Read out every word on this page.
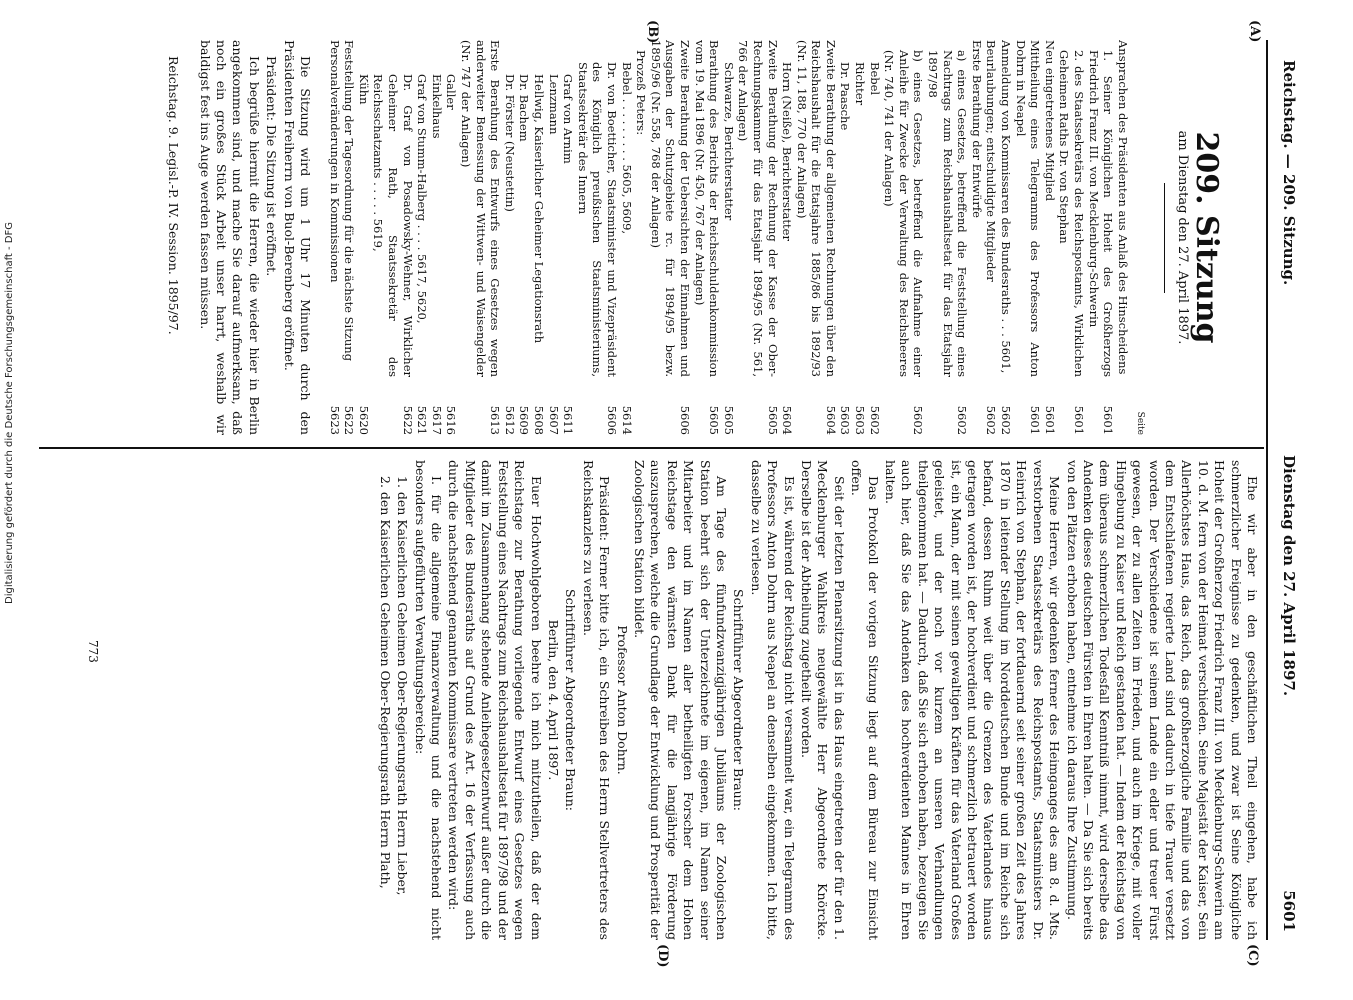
Reichstag. — 209. Sitzung.
Dienstag den 27. April 1897.
5601
(A)
(B)
(C)
(D)
209. Sitzung
am Dienstag den 27. April 1897.
Seite
Ansprachen des Präsidenten aus Anlaß des Hinscheidens
1. Seiner Königlichen Hoheit des Großherzogs Friedrich Franz III. von Mecklenburg-Schwerin
5601
2. des Staatssekretärs des Reichspostamts, Wirklichen Geheimen Raths Dr. von Stephan
5601
Neu eingetretenes Mitglied
5601
Mittheilung eines Telegramms des Professors Anton Dohrn in Neapel
5601
Anmeldung von Kommissaren des Bundesraths . . . 5601,
5602
Beurlaubungen; entschuldigte Mitglieder
5602
Erste Berathung der Entwürfe
a) eines Gesetzes, betreffend die Feststellung eines Nachtrags zum Reichshaushaltsetat für das Etatsjahr 1897/98
5602
b) eines Gesetzes, betreffend die Aufnahme einer Anleihe für Zwecke der Verwaltung des Reichsheeres (Nr. 740, 741 der Anlagen)
5602
Bebel
5602
Richter
5603
Dr. Paasche
5603
Zweite Berathung der allgemeinen Rechnungen über den Reichshaushalt für die Etatsjahre 1885/86 bis 1892/93 (Nr. 11, 188, 770 der Anlagen)
5604
Horn (Neiße), Berichterstatter
5604
Zweite Berathung der Rechnung der Kasse der Ober-Rechnungskammer für das Etatsjahr 1894/95 (Nr. 561, 766 der Anlagen)
5605
Schwarze, Berichterstatter
5605
Berathung des Berichts der Reichsschuldenkommission vom 19. Mai 1896 (Nr. 450, 767 der Anlagen)
5605
Zweite Berathung der Uebersichten der Einnahmen und Ausgaben der Schutzgebiete rc. für 1894/95 bezw. 1895/96 (Nr. 558, 768 der Anlagen)
5606
Prozeß Peters:
Bebel . . . . . . . . . 5605, 5609,
5614
Dr. von Boetticher, Staatsminister und Vizepräsident des Königlich preußischen Staatsministeriums, Staatssekretär des Innern
5606
Graf von Arnim
5611
Lenzmann
5607
Hellwig, Kaiserlicher Geheimer Legationsrath
5608
Dr. Bachem
5609
Dr. Förster (Neustettin)
5612
Erste Berathung des Entwurfs eines Gesetzes wegen anderweiter Bemessung der Wittwen- und Waisengelder (Nr. 747 der Anlagen)
5613
Galler
5616
Einkelhaus
5617
Graf von Stumm-Halberg . . . . 5617, 5620,
5621
Dr. Graf von Posadowsky-Wehner, Wirklicher Geheimer Rath, Staatssekretär des Reichsschatzamts . . . . . 5619,
5622
Kühn
5620
Feststellung der Tagesordnung für die nächste Sitzung
5622
Personalveränderungen in Kommissionen
5623

Die Sitzung wird um 1 Uhr 17 Minuten durch den Präsidenten Freiherrn von Buol-Berenberg eröffnet.

Präsident: Die Sitzung ist eröffnet.

Ich begrüße hiermit die Herren, die wieder hier in Berlin angekommen sind, und mache Sie darauf aufmerksam, daß noch ein großes Stück Arbeit unser harrt, weshalb wir baldigst fest ins Auge werden fassen müssen.

Reichstag. 9. Legisl.-P. IV. Session. 1895/97.

Ehe wir aber in den geschäftlichen Theil eingehen, habe ich schmerzlicher Ereignisse zu gedenken, und zwar ist Seine Königliche Hoheit der Großherzog Friedrich Franz III. von Mecklenburg-Schwerin am 10. d. M. fern von der Heimat verschieden. Seine Majestät der Kaiser, Sein Allerhöchstes Haus, das Reich, das großherzogliche Familie und das von dem Entschlafenen regierte Land sind dadurch in tiefe Trauer versetzt worden. Der Verschiedene ist seinem Lande ein edler und treuer Fürst gewesen, der zu allen Zeiten im Frieden, und auch im Kriege, mit voller Hingebung zu Kaiser und Reich gestanden hat. — Indem der Reichstag von dem überaus schmerzlichen Todesfall Kenntniß nimmt, wird derselbe das Andenken dieses deutschen Fürsten in Ehren halten. — Da Sie sich bereits von den Plätzen erhoben haben, entnehme ich daraus Ihre Zustimmung.

Meine Herren, wir gedenken ferner des Heimganges des am 8. d. Mts. verstorbenen Staatssekretärs des Reichspostamts, Staatsministers Dr. Heinrich von Stephan, der fortdauernd seit seiner großen Zeit des Jahres 1870 in leitender Stellung im Norddeutschen Bunde und im Reiche sich befand, dessen Ruhm weit über die Grenzen des Vaterlandes hinaus getragen worden ist, der hochverdient und schmerzlich betrauert worden ist, ein Mann, der mit seinen gewaltigen Kräften für das Vaterland Großes geleistet, und der noch vor kurzem an unseren Verhandlungen theilgenommen hat. — Dadurch, daß Sie sich erhoben haben, bezeugen Sie auch hier, daß Sie das Andenken des hochverdienten Mannes in Ehren halten.

Das Protokoll der vorigen Sitzung liegt auf dem Büreau zur Einsicht offen.

Seit der letzten Plenarsitzung ist in das Haus eingetreten der für den 1. Mecklenburger Wahlkreis neugewählte Herr Abgeordnete Knörcke. Derselbe ist der Abtheilung zugetheilt worden.

Es ist, während der Reichstag nicht versammelt war, ein Telegramm des Professors Anton Dohrn aus Neapel an denselben eingekommen. Ich bitte, dasselbe zu verlesen.

Schriftführer Abgeordneter Braun:

Am Tage des fünfundzwanzigjährigen Jubiläums der Zoologischen Station beehrt sich der Unterzeichnete im eigenen, im Namen seiner Mitarbeiter und im Namen aller betheiligten Forscher dem Hohen Reichstage den wärmsten Dank für die langjährige Förderung auszusprechen, welche die Grundlage der Entwicklung und Prosperität der Zoologischen Station bildet.

Professor Anton Dohrn.

Präsident: Ferner bitte ich, ein Schreiben des Herrn Stellvertreters des Reichskanzlers zu verlesen.

Schriftführer Abgeordneter Braun:

Berlin, den 4. April 1897.

Euer Hochwohlgeboren beehre ich mich mitzutheilen, daß der dem Reichstage zur Berathung vorliegende Entwurf eines Gesetzes wegen Feststellung eines Nachtrags zum Reichshaushaltsetat für 1897/98 und der damit im Zusammenhang stehende Anleihegesetzentwurf außer durch die Mitglieder des Bundesraths auf Grund des Art. 16 der Verfassung auch durch die nachstehend genannten Kommissare vertreten werden wird:

I. für die allgemeine Finanzverwaltung und die nachstehend nicht besonders aufgeführten Verwaltungsbereiche:

1. den Kaiserlichen Geheimen Ober-Regierungsrath Herrn Lieber,

2. den Kaiserlichen Geheimen Ober-Regierungsrath Herrn Plath,

773
Digitalisierung gefördert durch die Deutsche Forschungsgemeinschaft - DFG
